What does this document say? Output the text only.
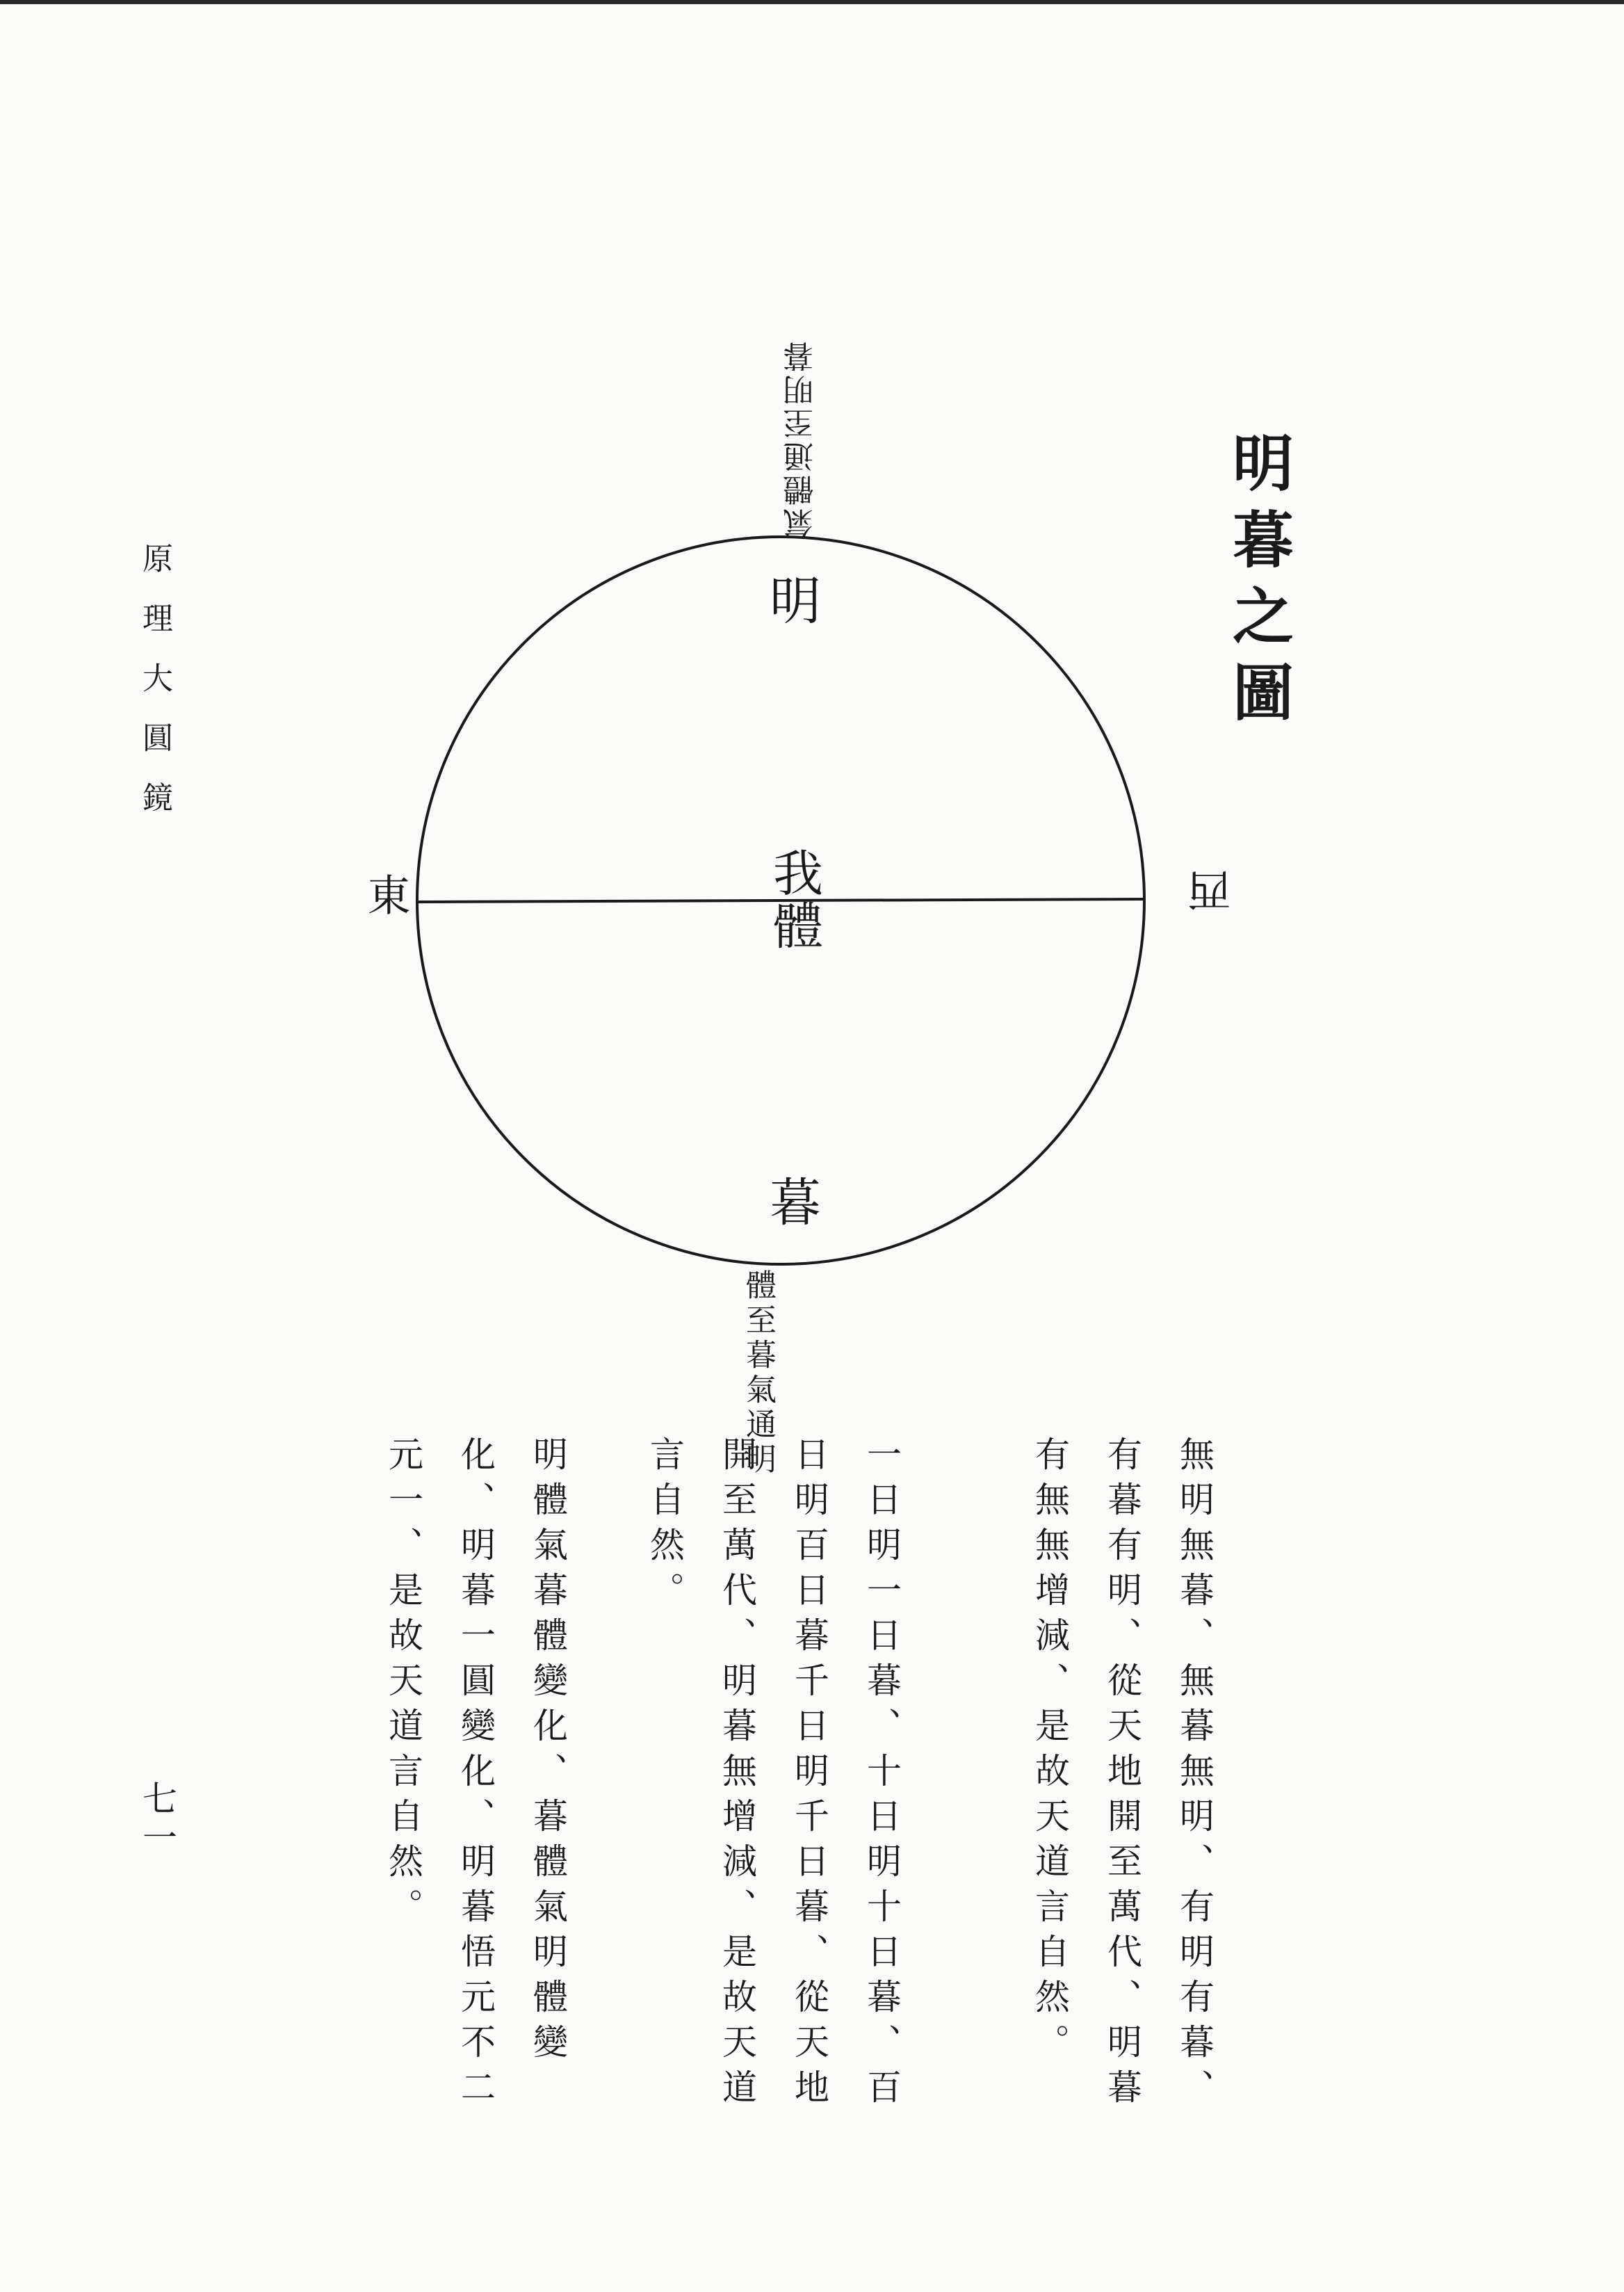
原理大圓鏡	明暮之圖

氣體通至明暮

明

我體

暮

東	西

體至暮氣通明

無明無暮、無暮無明、有明有暮、有暮有明、從天地開至萬代、明暮有無無增減、是故天道言自然。

一日明一日暮、十日明十日暮、百日明百日暮千日明千日暮、從天地開至萬代、明暮無增減、是故天道言自然。

明體氣暮體變化、暮體氣明體變化、明暮一圓變化、明暮悟元不二元一、是故天道言自然。

七一
